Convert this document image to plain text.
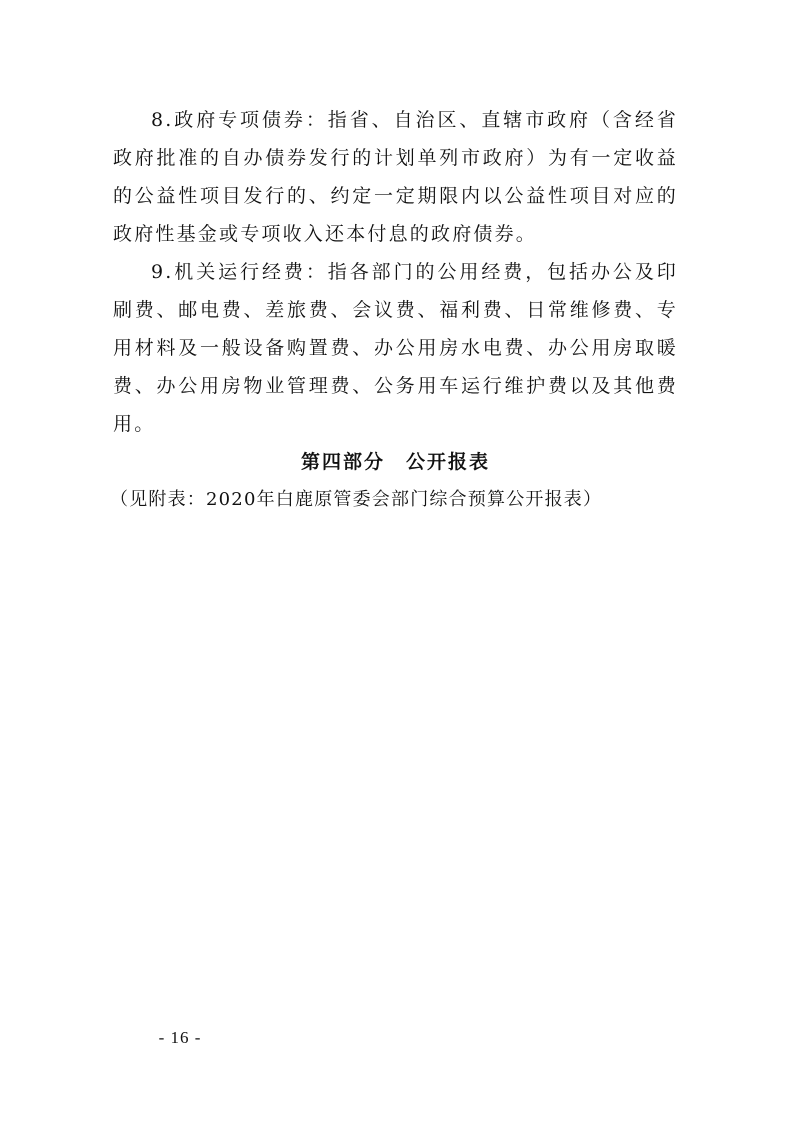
8.政府专项债券：指省、自治区、直辖市政府（含经省政府批准的自办债券发行的计划单列市政府）为有一定收益的公益性项目发行的、约定一定期限内以公益性项目对应的政府性基金或专项收入还本付息的政府债券。

9.机关运行经费：指各部门的公用经费，包括办公及印刷费、邮电费、差旅费、会议费、福利费、日常维修费、专用材料及一般设备购置费、办公用房水电费、办公用房取暖费、办公用房物业管理费、公务用车运行维护费以及其他费用。

第四部分　公开报表

（见附表：2020年白鹿原管委会部门综合预算公开报表）

- 16 -
